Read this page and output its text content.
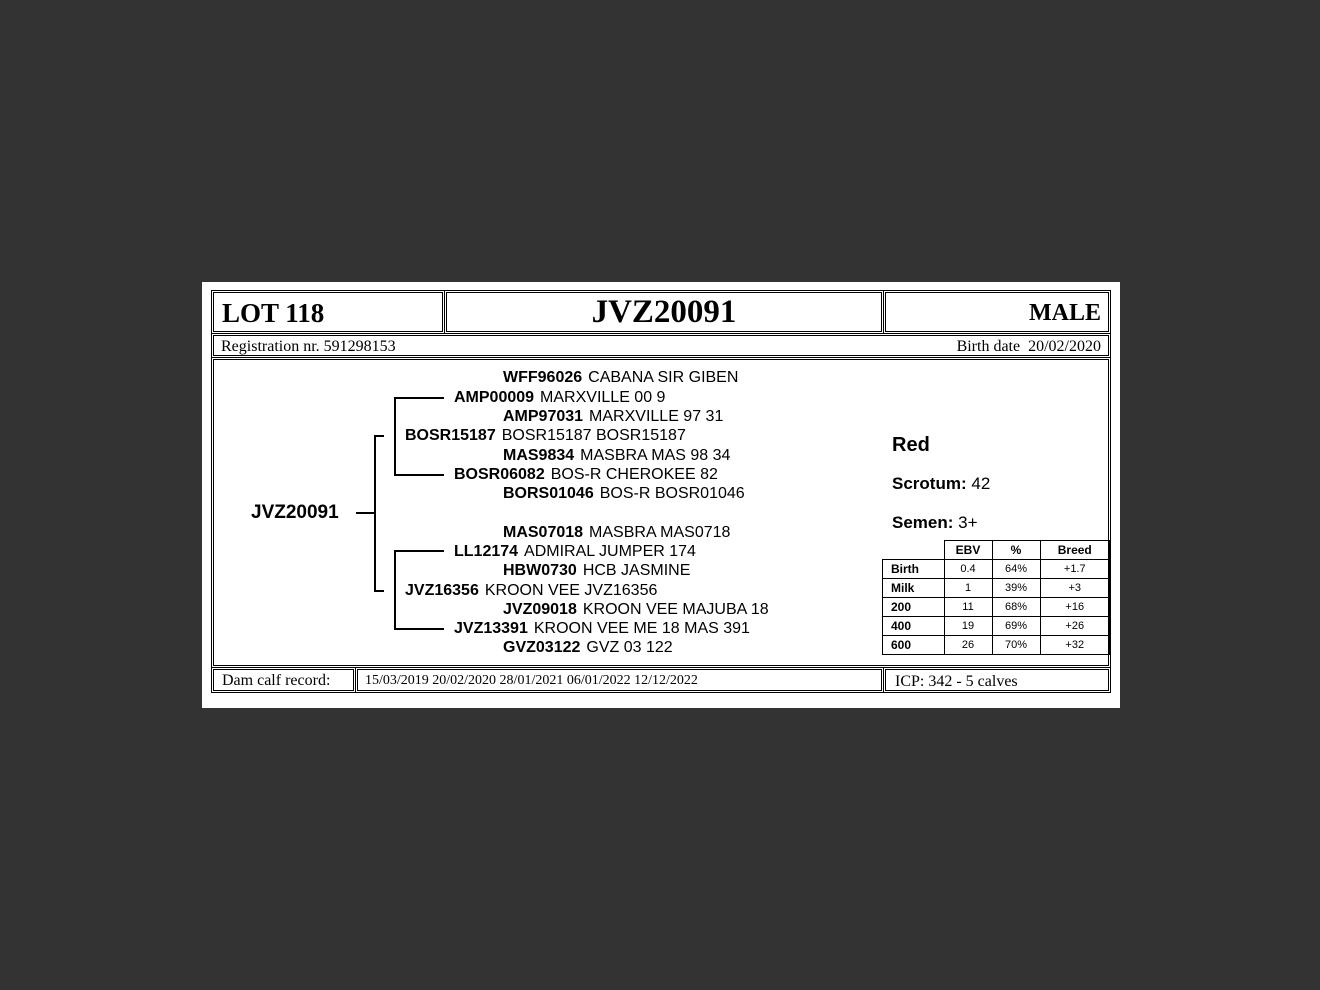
LOT 118	JVZ20091	MALE
Registration nr. 591298153	Birth date 20/02/2020
JVZ20091
WFF96026 CABANA SIR GIBEN
AMP00009 MARXVILLE 00 9
AMP97031 MARXVILLE 97 31
BOSR15187 BOSR15187 BOSR15187
MAS9834 MASBRA MAS 98 34
BOSR06082 BOS-R CHEROKEE 82
BORS01046 BOS-R BOSR01046
MAS07018 MASBRA MAS0718
LL12174 ADMIRAL JUMPER 174
HBW0730 HCB JASMINE
JVZ16356 KROON VEE JVZ16356
JVZ09018 KROON VEE MAJUBA 18
JVZ13391 KROON VEE ME 18 MAS 391
GVZ03122 GVZ 03 122
Red
Scrotum: 42
Semen: 3+
	EBV	%	Breed
Birth	0.4	64%	+1.7
Milk	1	39%	+3
200	11	68%	+16
400	19	69%	+26
600	26	70%	+32
Dam calf record: 15/03/2019 20/02/2020 28/01/2021 06/01/2022 12/12/2022	ICP: 342 - 5 calves
